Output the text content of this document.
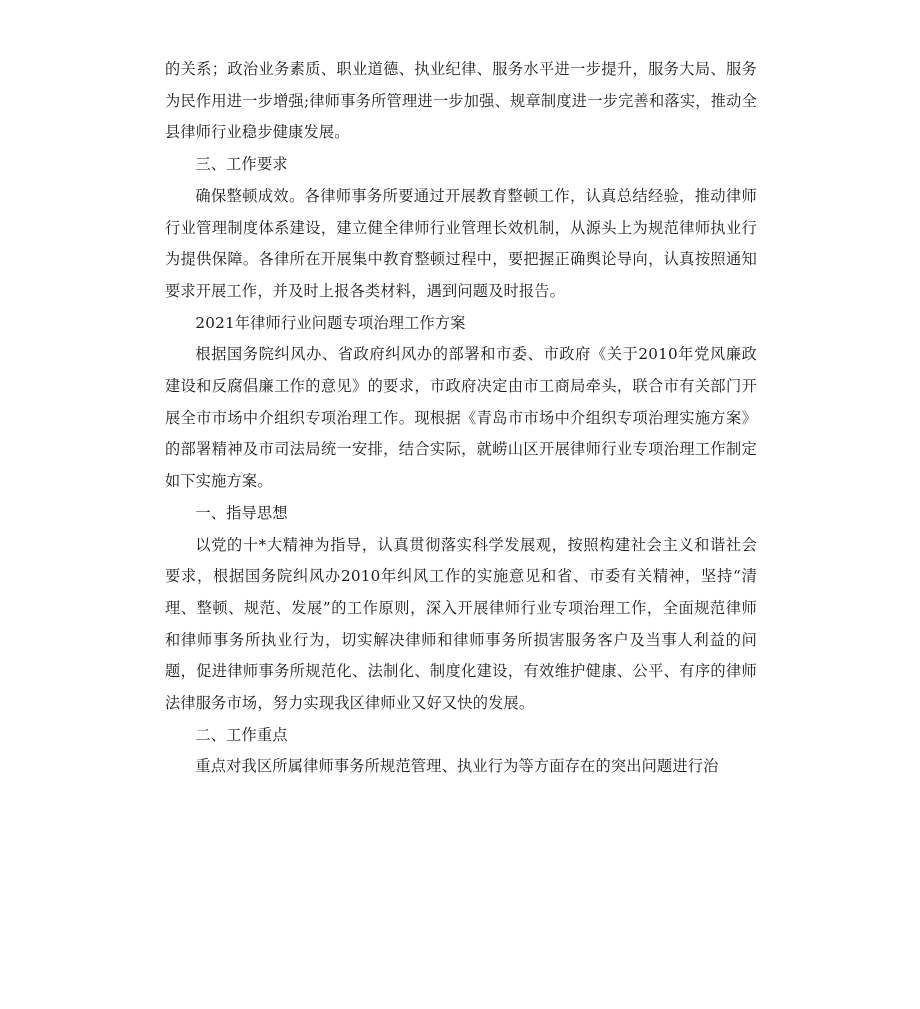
的关系；政治业务素质、职业道德、执业纪律、服务水平进一步提升，服务大局、服务为民作用进一步增强;律师事务所管理进一步加强、规章制度进一步完善和落实，推动全县律师行业稳步健康发展。

三、工作要求

确保整顿成效。各律师事务所要通过开展教育整顿工作，认真总结经验，推动律师行业管理制度体系建设，建立健全律师行业管理长效机制，从源头上为规范律师执业行为提供保障。各律所在开展集中教育整顿过程中，要把握正确舆论导向，认真按照通知要求开展工作，并及时上报各类材料，遇到问题及时报告。

2021年律师行业问题专项治理工作方案

根据国务院纠风办、省政府纠风办的部署和市委、市政府《关于2010年党风廉政建设和反腐倡廉工作的意见》的要求，市政府决定由市工商局牵头，联合市有关部门开展全市市场中介组织专项治理工作。现根据《青岛市市场中介组织专项治理实施方案》的部署精神及市司法局统一安排，结合实际，就崂山区开展律师行业专项治理工作制定如下实施方案。

一、指导思想

以党的十*大精神为指导，认真贯彻落实科学发展观，按照构建社会主义和谐社会要求，根据国务院纠风办2010年纠风工作的实施意见和省、市委有关精神，坚持“清理、整顿、规范、发展”的工作原则，深入开展律师行业专项治理工作，全面规范律师和律师事务所执业行为，切实解决律师和律师事务所损害服务客户及当事人利益的问题，促进律师事务所规范化、法制化、制度化建设，有效维护健康、公平、有序的律师法律服务市场，努力实现我区律师业又好又快的发展。

二、工作重点

重点对我区所属律师事务所规范管理、执业行为等方面存在的突出问题进行治
